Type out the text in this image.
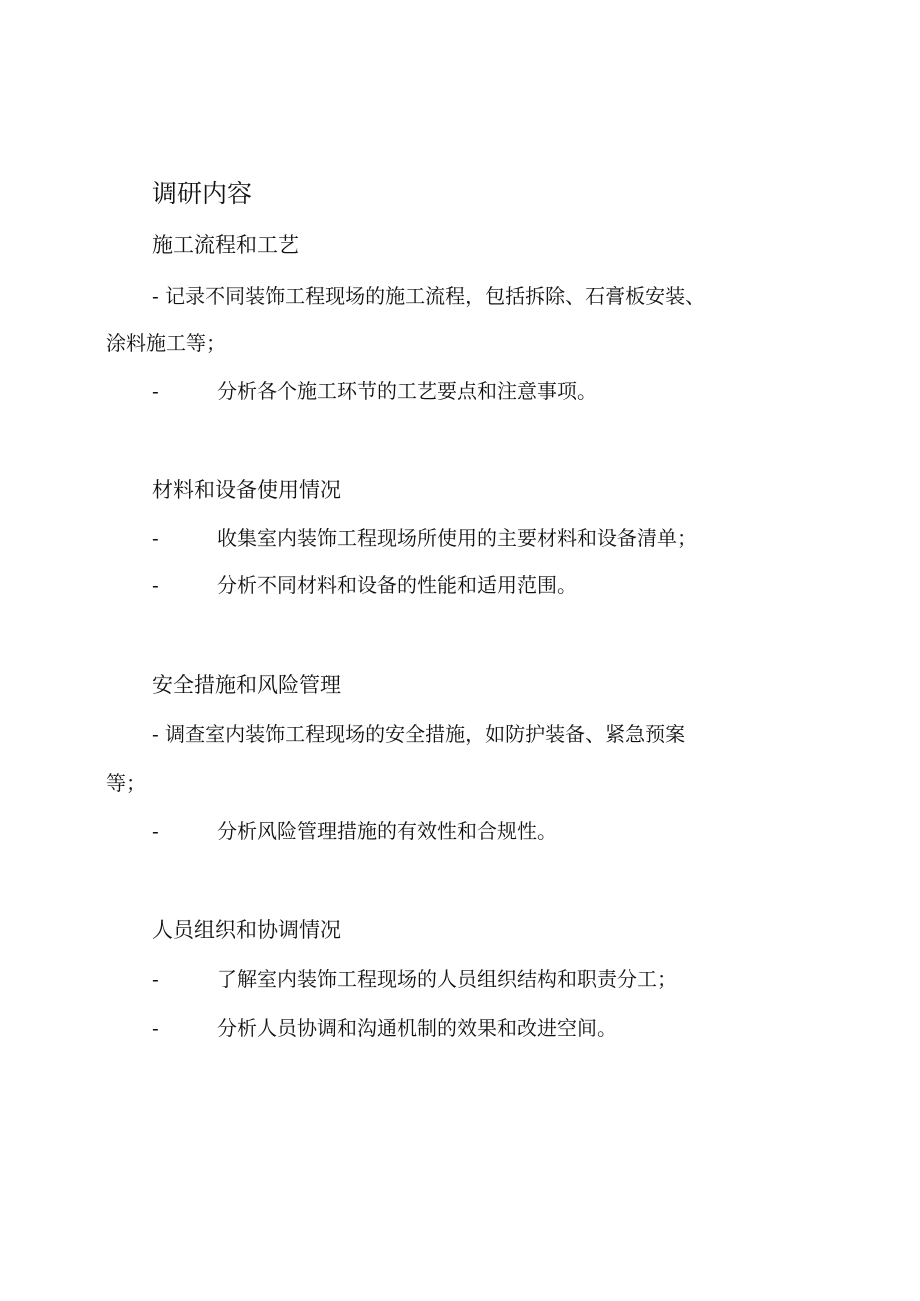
调研内容
施工流程和工艺
- 记录不同装饰工程现场的施工流程，包括拆除、石膏板安装、
涂料施工等；
-	分析各个施工环节的工艺要点和注意事项。
材料和设备使用情况
-	收集室内装饰工程现场所使用的主要材料和设备清单；
-	分析不同材料和设备的性能和适用范围。
安全措施和风险管理
- 调查室内装饰工程现场的安全措施，如防护装备、紧急预案
等；
-	分析风险管理措施的有效性和合规性。
人员组织和协调情况
-	了解室内装饰工程现场的人员组织结构和职责分工；
-	分析人员协调和沟通机制的效果和改进空间。
